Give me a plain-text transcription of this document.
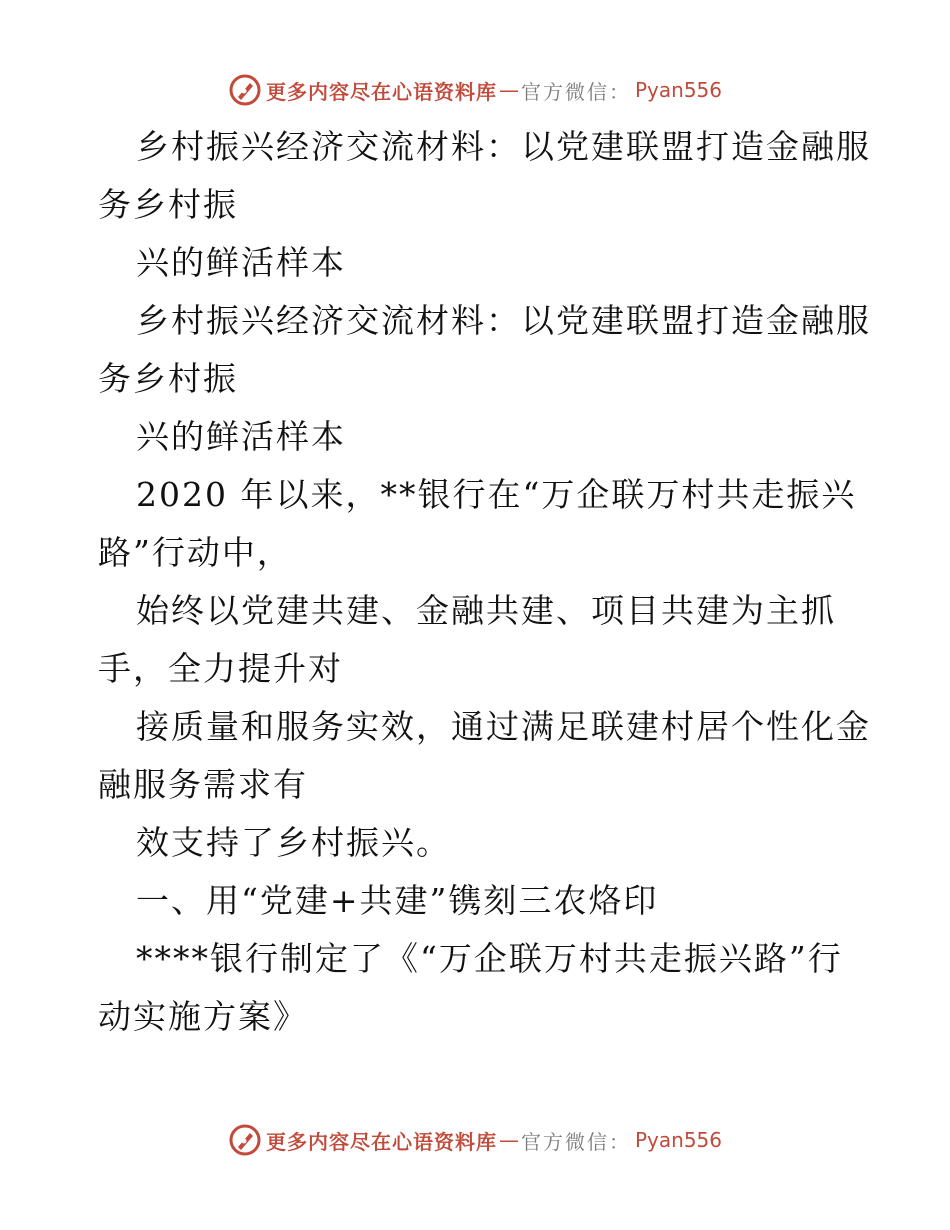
更多内容尽在心语资料库 — 官方微信： Pyan556
乡村振兴经济交流材料：以党建联盟打造金融服
务乡村振
兴的鲜活样本
乡村振兴经济交流材料：以党建联盟打造金融服
务乡村振
兴的鲜活样本
2020 年以来，**银行在“万企联万村共走振兴
路”行动中，
始终以党建共建、金融共建、项目共建为主抓
手，全力提升对
接质量和服务实效，通过满足联建村居个性化金
融服务需求有
效支持了乡村振兴。
一、用“党建+共建”镌刻三农烙印
****银行制定了《“万企联万村共走振兴路”行
动实施方案》
更多内容尽在心语资料库 — 官方微信： Pyan556
